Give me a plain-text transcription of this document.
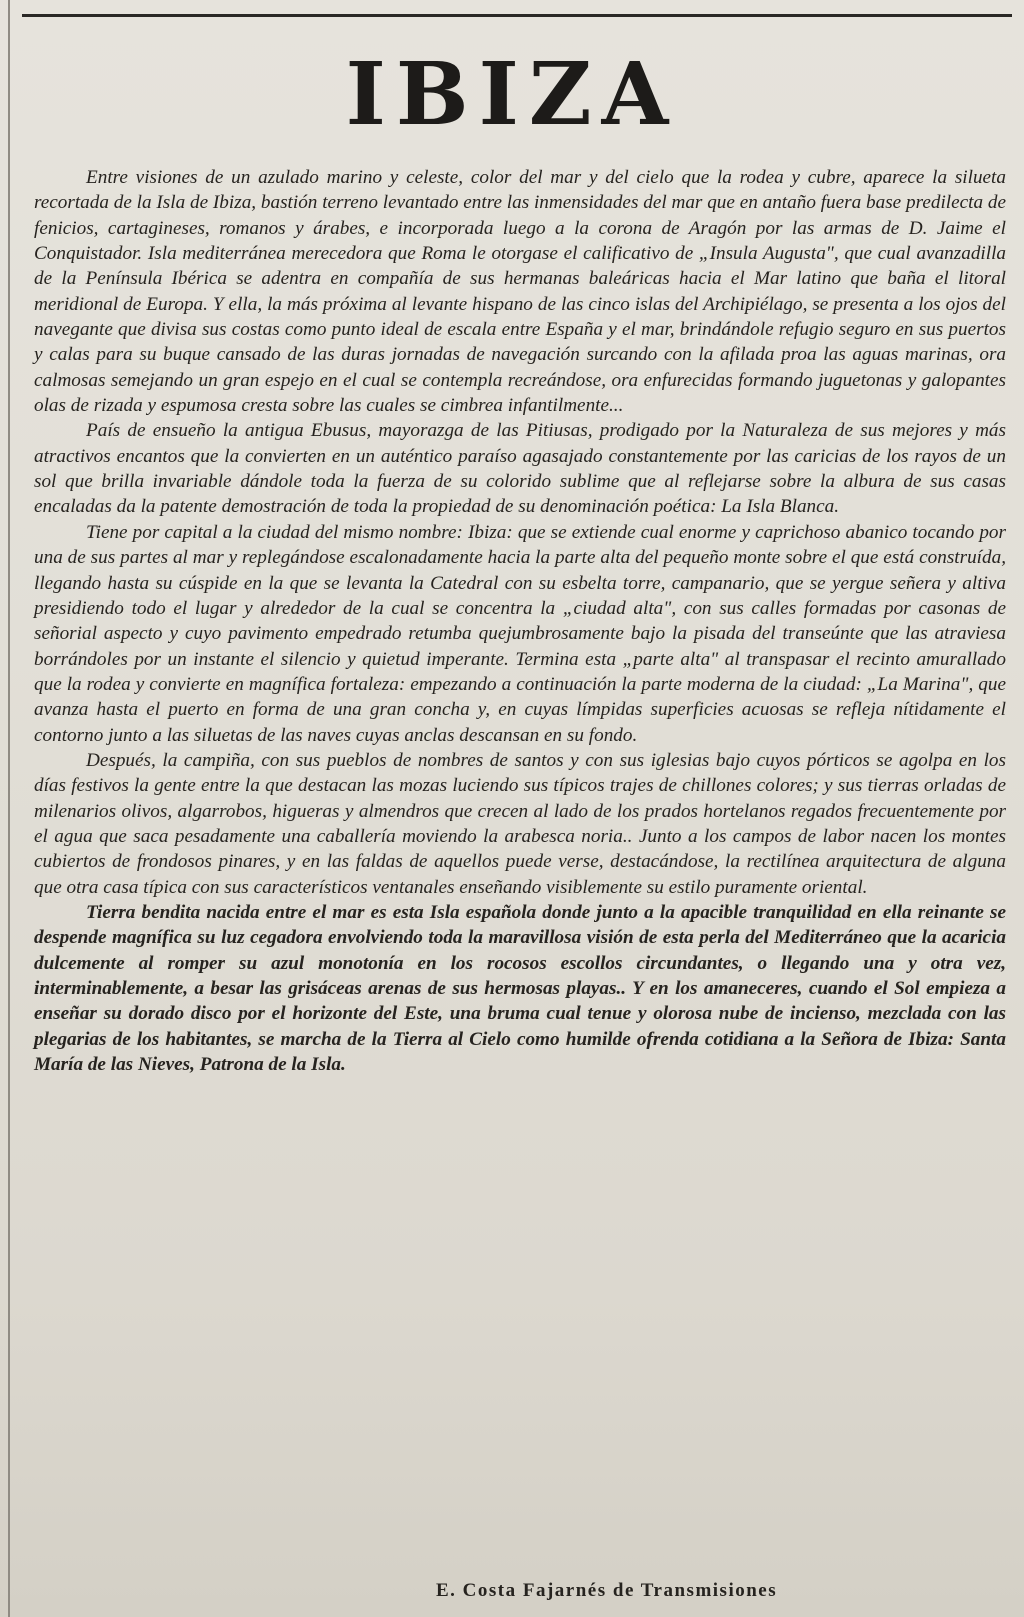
IBIZA

Entre visiones de un azulado marino y celeste, color del mar y del cielo que la rodea y cubre, aparece la silueta recortada de la Isla de Ibiza, bastión terreno levantado entre las inmensidades del mar que en antaño fuera base predilecta de fenicios, cartagineses, romanos y árabes, e incorporada luego a la corona de Aragón por las armas de D. Jaime el Conquistador. Isla mediterránea merecedora que Roma le otorgase el calificativo de „Insula Augusta", que cual avanzadilla de la Península Ibérica se adentra en compañía de sus hermanas baleáricas hacia el Mar latino que baña el litoral meridional de Europa. Y ella, la más próxima al levante hispano de las cinco islas del Archipiélago, se presenta a los ojos del navegante que divisa sus costas como punto ideal de escala entre España y el mar, brindándole refugio seguro en sus puertos y calas para su buque cansado de las duras jornadas de navegación surcando con la afilada proa las aguas marinas, ora calmosas semejando un gran espejo en el cual se contempla recreándose, ora enfurecidas formando juguetonas y galopantes olas de rizada y espumosa cresta sobre las cuales se cimbrea infantilmente...

País de ensueño la antigua Ebusus, mayorazga de las Pitiusas, prodigado por la Naturaleza de sus mejores y más atractivos encantos que la convierten en un auténtico paraíso agasajado constantemente por las caricias de los rayos de un sol que brilla invariable dándole toda la fuerza de su colorido sublime que al reflejarse sobre la albura de sus casas encaladas da la patente demostración de toda la propiedad de su denominación poética: La Isla Blanca.

Tiene por capital a la ciudad del mismo nombre: Ibiza: que se extiende cual enorme y caprichoso abanico tocando por una de sus partes al mar y replegándose escalonadamente hacia la parte alta del pequeño monte sobre el que está construída, llegando hasta su cúspide en la que se levanta la Catedral con su esbelta torre, campanario, que se yergue señera y altiva presidiendo todo el lugar y alrededor de la cual se concentra la „ciudad alta", con sus calles formadas por casonas de señorial aspecto y cuyo pavimento empedrado retumba quejumbrosamente bajo la pisada del transeúnte que las atraviesa borrándoles por un instante el silencio y quietud imperante. Termina esta „parte alta" al transpasar el recinto amurallado que la rodea y convierte en magnífica fortaleza: empezando a continuación la parte moderna de la ciudad: „La Marina", que avanza hasta el puerto en forma de una gran concha y, en cuyas límpidas superficies acuosas se refleja nítidamente el contorno junto a las siluetas de las naves cuyas anclas descansan en su fondo.

Después, la campiña, con sus pueblos de nombres de santos y con sus iglesias bajo cuyos pórticos se agolpa en los días festivos la gente entre la que destacan las mozas luciendo sus típicos trajes de chillones colores; y sus tierras orladas de milenarios olivos, algarrobos, higueras y almendros que crecen al lado de los prados hortelanos regados frecuentemente por el agua que saca pesadamente una caballería moviendo la arabesca noria.. Junto a los campos de labor nacen los montes cubiertos de frondosos pinares, y en las faldas de aquellos puede verse, destacándose, la rectilínea arquitectura de alguna que otra casa típica con sus característicos ventanales enseñando visiblemente su estilo puramente oriental.

Tierra bendita nacida entre el mar es esta Isla española donde junto a la apacible tranquilidad en ella reinante se despende magnífica su luz cegadora envolviendo toda la maravillosa visión de esta perla del Mediterráneo que la acaricia dulcemente al romper su azul monotonía en los rocosos escollos circundantes, o llegando una y otra vez, interminablemente, a besar las grisáceas arenas de sus hermosas playas.. Y en los amaneceres, cuando el Sol empieza a enseñar su dorado disco por el horizonte del Este, una bruma cual tenue y olorosa nube de incienso, mezclada con las plegarias de los habitantes, se marcha de la Tierra al Cielo como humilde ofrenda cotidiana a la Señora de Ibiza: Santa María de las Nieves, Patrona de la Isla.

E. Costa Fajarnés de Transmisiones
